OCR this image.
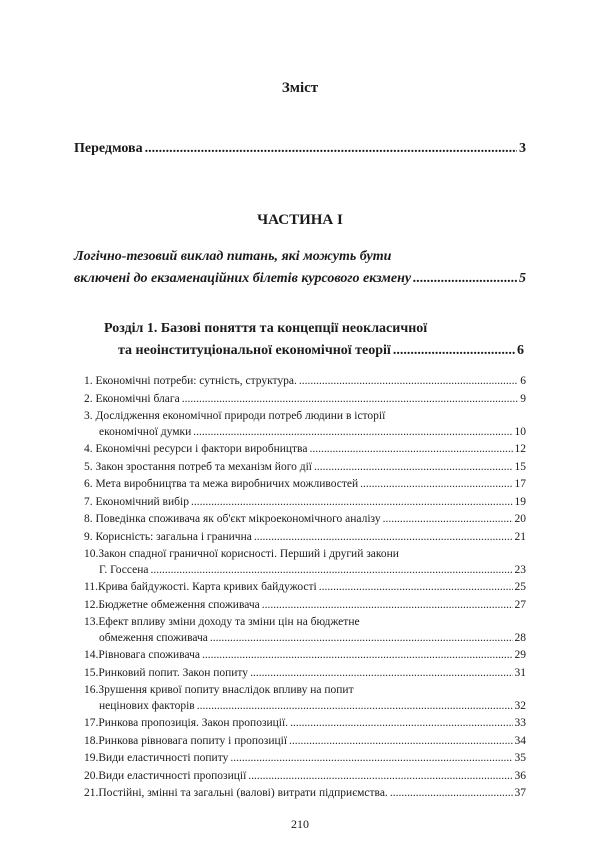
Зміст
Передмова .....	3
ЧАСТИНА І
Логічно-тезовий виклад питань, які можуть бути
включені до екзаменаційних білетів курсового екзмену .....	5
Розділ 1. Базові поняття та концепції неокласичної
та неоінституціональної економічної теорії .....	6
1. Економічні потреби: сутність, структура. .....	6
2. Економічні блага .....	9
3. Дослідження економічної природи потреб людини в історії
економічної думки .....	10
4. Економічні ресурси і фактори виробництва .....	12
5. Закон зростання потреб та механізм його дії .....	15
6. Мета виробництва та межа виробничих можливостей .....	17
7. Економічний вибір .....	19
8. Поведінка споживача як об'єкт мікроекономічного аналізу .....	20
9. Корисність: загальна і гранична .....	21
10.Закон спадної граничної корисності. Перший і другий закони
Г. Госсена .....	23
11.Крива байдужості. Карта кривих байдужості .....	25
12.Бюджетне обмеження споживача .....	27
13.Ефект впливу зміни доходу та зміни цін на бюджетне
обмеження споживача .....	28
14.Рівновага споживача .....	29
15.Ринковий попит. Закон попиту .....	31
16.Зрушення кривої попиту внаслідок впливу на попит
нецінових факторів .....	32
17.Ринкова пропозиція. Закон пропозиції. .....	33
18.Ринкова рівновага попиту і пропозиції .....	34
19.Види еластичності попиту .....	35
20.Види еластичності пропозиції .....	36
21.Постійні, змінні та загальні (валові) витрати підприємства. .....	37
210
